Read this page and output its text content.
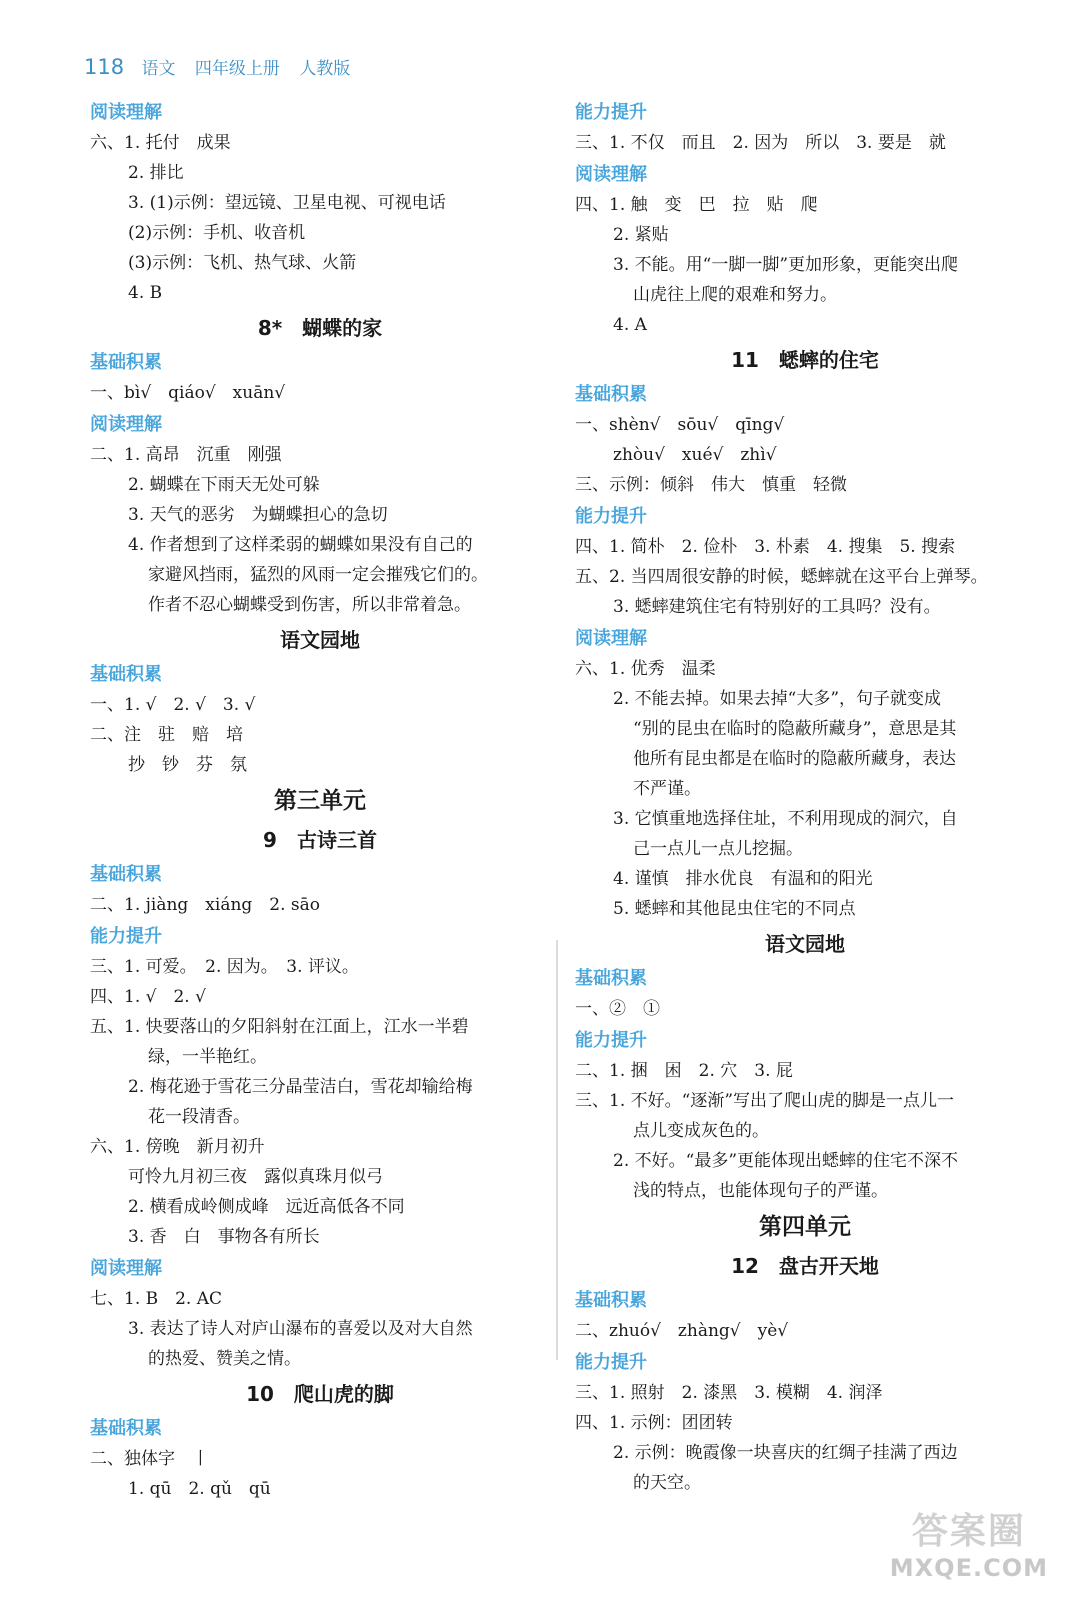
118 语文 四年级上册 人教版
阅读理解
六、1. 托付　成果
2. 排比
3. (1)示例：望远镜、卫星电视、可视电话
(2)示例：手机、收音机
(3)示例：飞机、热气球、火箭
4. B
8*　蝴蝶的家
基础积累
一、bì√　qiáo√　xuān√
阅读理解
二、1. 高昂　沉重　刚强
2. 蝴蝶在下雨天无处可躲
3. 天气的恶劣　为蝴蝶担心的急切
4. 作者想到了这样柔弱的蝴蝶如果没有自己的
家避风挡雨，猛烈的风雨一定会摧残它们的。
作者不忍心蝴蝶受到伤害，所以非常着急。
语文园地
基础积累
一、1. √　2. √　3. √
二、注　驻　赔　培
抄　钞　芬　氛
第三单元
9　古诗三首
基础积累
二、1. jiàng　xiáng　2. sāo
能力提升
三、1. 可爱。　2. 因为。　3. 评议。
四、1. √　2. √
五、1. 快要落山的夕阳斜射在江面上，江水一半碧
绿，一半艳红。
2. 梅花逊于雪花三分晶莹洁白，雪花却输给梅
花一段清香。
六、1. 傍晚　新月初升
可怜九月初三夜　露似真珠月似弓
2. 横看成岭侧成峰　远近高低各不同
3. 香　白　事物各有所长
阅读理解
七、1. B　2. AC
3. 表达了诗人对庐山瀑布的喜爱以及对大自然
的热爱、赞美之情。
10　爬山虎的脚
基础积累
二、独体字　丨
1. qū　2. qǔ　qū
能力提升
三、1. 不仅　而且　2. 因为　所以　3. 要是　就
阅读理解
四、1. 触　变　巴　拉　贴　爬
2. 紧贴
3. 不能。用“一脚一脚”更加形象，更能突出爬
山虎往上爬的艰难和努力。
4. A
11　蟋蟀的住宅
基础积累
一、shèn√　sōu√　qīng√
zhòu√　xué√　zhì√
三、示例：倾斜　伟大　慎重　轻微
能力提升
四、1. 简朴　2. 俭朴　3. 朴素　4. 搜集　5. 搜索
五、2. 当四周很安静的时候，蟋蟀就在这平台上弹琴。
3. 蟋蟀建筑住宅有特别好的工具吗？没有。
阅读理解
六、1. 优秀　温柔
2. 不能去掉。如果去掉“大多”，句子就变成
“别的昆虫在临时的隐蔽所藏身”，意思是其
他所有昆虫都是在临时的隐蔽所藏身，表达
不严谨。
3. 它慎重地选择住址，不利用现成的洞穴，自
己一点儿一点儿挖掘。
4. 谨慎　排水优良　有温和的阳光
5. 蟋蟀和其他昆虫住宅的不同点
语文园地
基础积累
一、②　①
能力提升
二、1. 捆　困　2. 穴　3. 屁
三、1. 不好。“逐渐”写出了爬山虎的脚是一点儿一
点儿变成灰色的。
2. 不好。“最多”更能体现出蟋蟀的住宅不深不
浅的特点，也能体现句子的严谨。
第四单元
12　盘古开天地
基础积累
二、zhuó√　zhàng√　yè√
能力提升
三、1. 照射　2. 漆黑　3. 模糊　4. 润泽
四、1. 示例：团团转
2. 示例：晚霞像一块喜庆的红绸子挂满了西边
的天空。
答案圈
MXQE.COM
